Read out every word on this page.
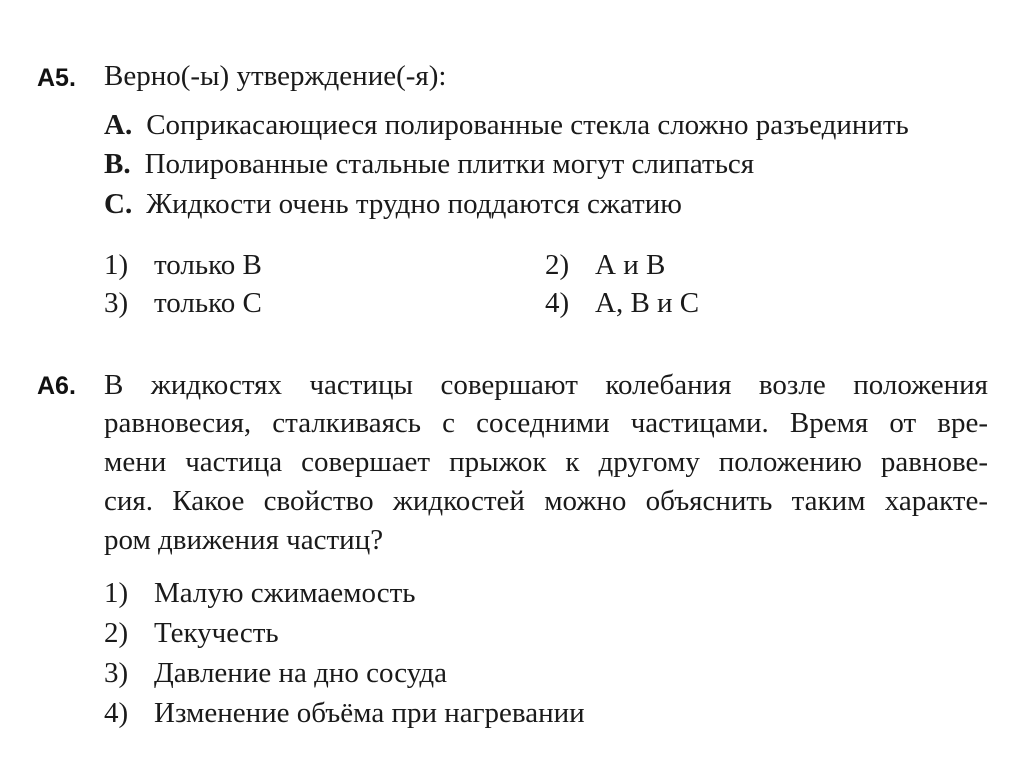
А5. Верно(-ы) утверждение(-я):
А. Соприкасающиеся полированные стекла сложно разъединить
В. Полированные стальные плитки могут слипаться
С. Жидкости очень трудно поддаются сжатию
1) только В	2) А и В
3) только С	4) А, В и С
А6. В жидкостях частицы совершают колебания возле положения
равновесия, сталкиваясь с соседними частицами. Время от вре-
мени частица совершает прыжок к другому положению равнове-
сия. Какое свойство жидкостей можно объяснить таким характе-
ром движения частиц?
1) Малую сжимаемость
2) Текучесть
3) Давление на дно сосуда
4) Изменение объёма при нагревании
